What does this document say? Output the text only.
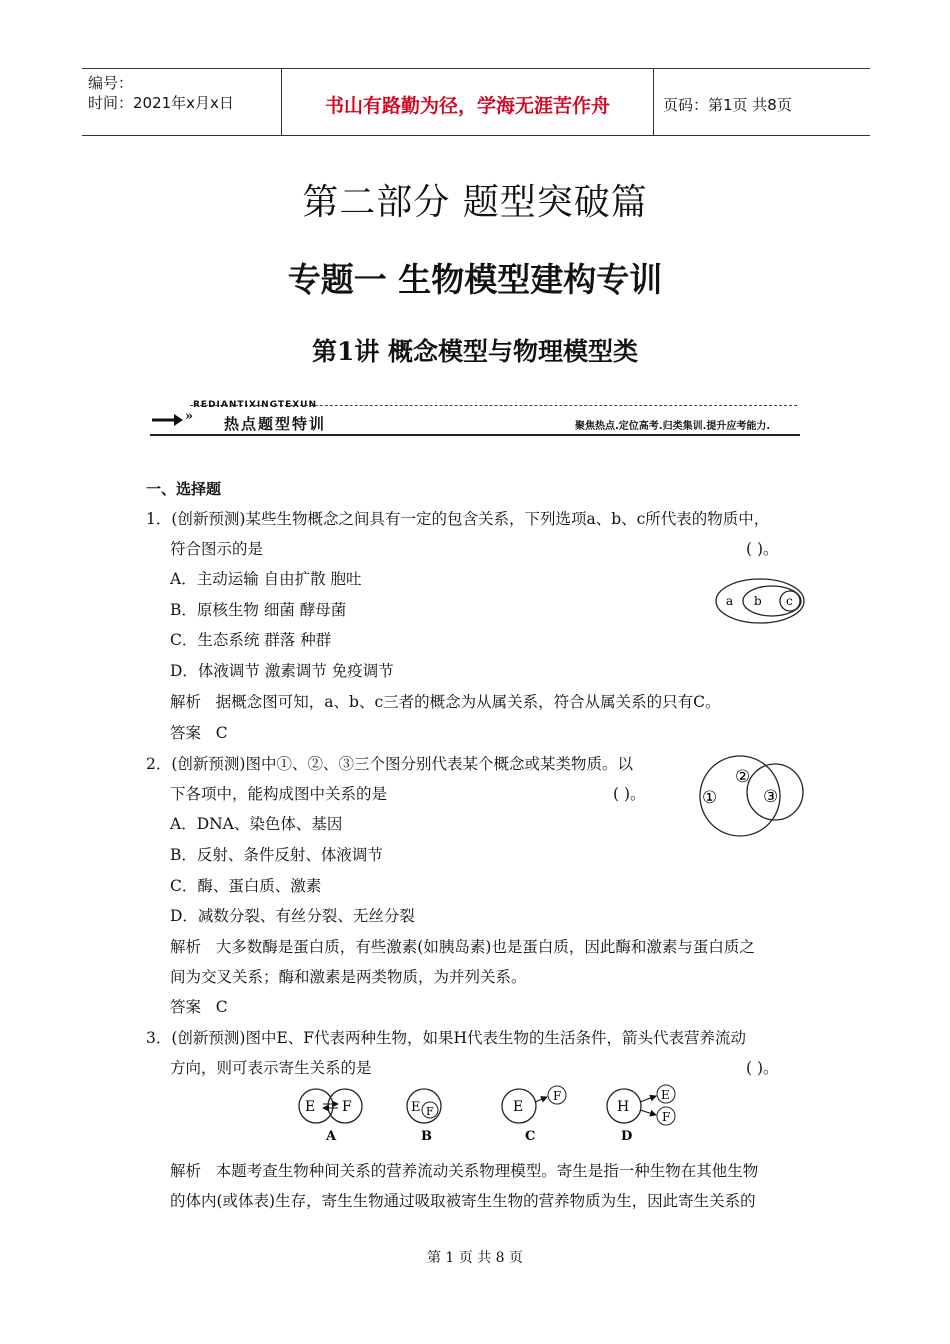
编号：
时间：2021年x月x日	书山有路勤为径，学海无涯苦作舟	页码：第1页 共8页
第二部分 题型突破篇
专题一 生物模型建构专训
第1讲 概念模型与物理模型类
»
REDIANTIXINGTEXUN
热点题型特训	聚焦热点.定位高考.归类集训.提升应考能力.
一、选择题
1．(创新预测)某些生物概念之间具有一定的包含关系，下列选项a、b、c所代表的物质中，
符合图示的是	( )。
A．主动运输 自由扩散 胞吐
B．原核生物 细菌 酵母菌
C．生态系统 群落 种群
D．体液调节 激素调节 免疫调节
解析 据概念图可知，a、b、c三者的概念为从属关系，符合从属关系的只有C。
答案 C
a b c
2．(创新预测)图中①、②、③三个图分别代表某个概念或某类物质。以
下各项中，能构成图中关系的是	( )。
A．DNA、染色体、基因
B．反射、条件反射、体液调节
C．酶、蛋白质、激素
D．减数分裂、有丝分裂、无丝分裂
解析 大多数酶是蛋白质，有些激素(如胰岛素)也是蛋白质，因此酶和激素与蛋白质之
间为交叉关系；酶和激素是两类物质，为并列关系。
答案 C
①
②
③
3．(创新预测)图中E、F代表两种生物，如果H代表生物的生活条件，箭头代表营养流动
方向，则可表示寄生关系的是	( )。
E F
A
E F
B
E
F
C
H
E
F
D
解析 本题考查生物种间关系的营养流动关系物理模型。寄生是指一种生物在其他生物
的体内(或体表)生存，寄生生物通过吸取被寄生生物的营养物质为生，因此寄生关系的
第 1 页 共 8 页
